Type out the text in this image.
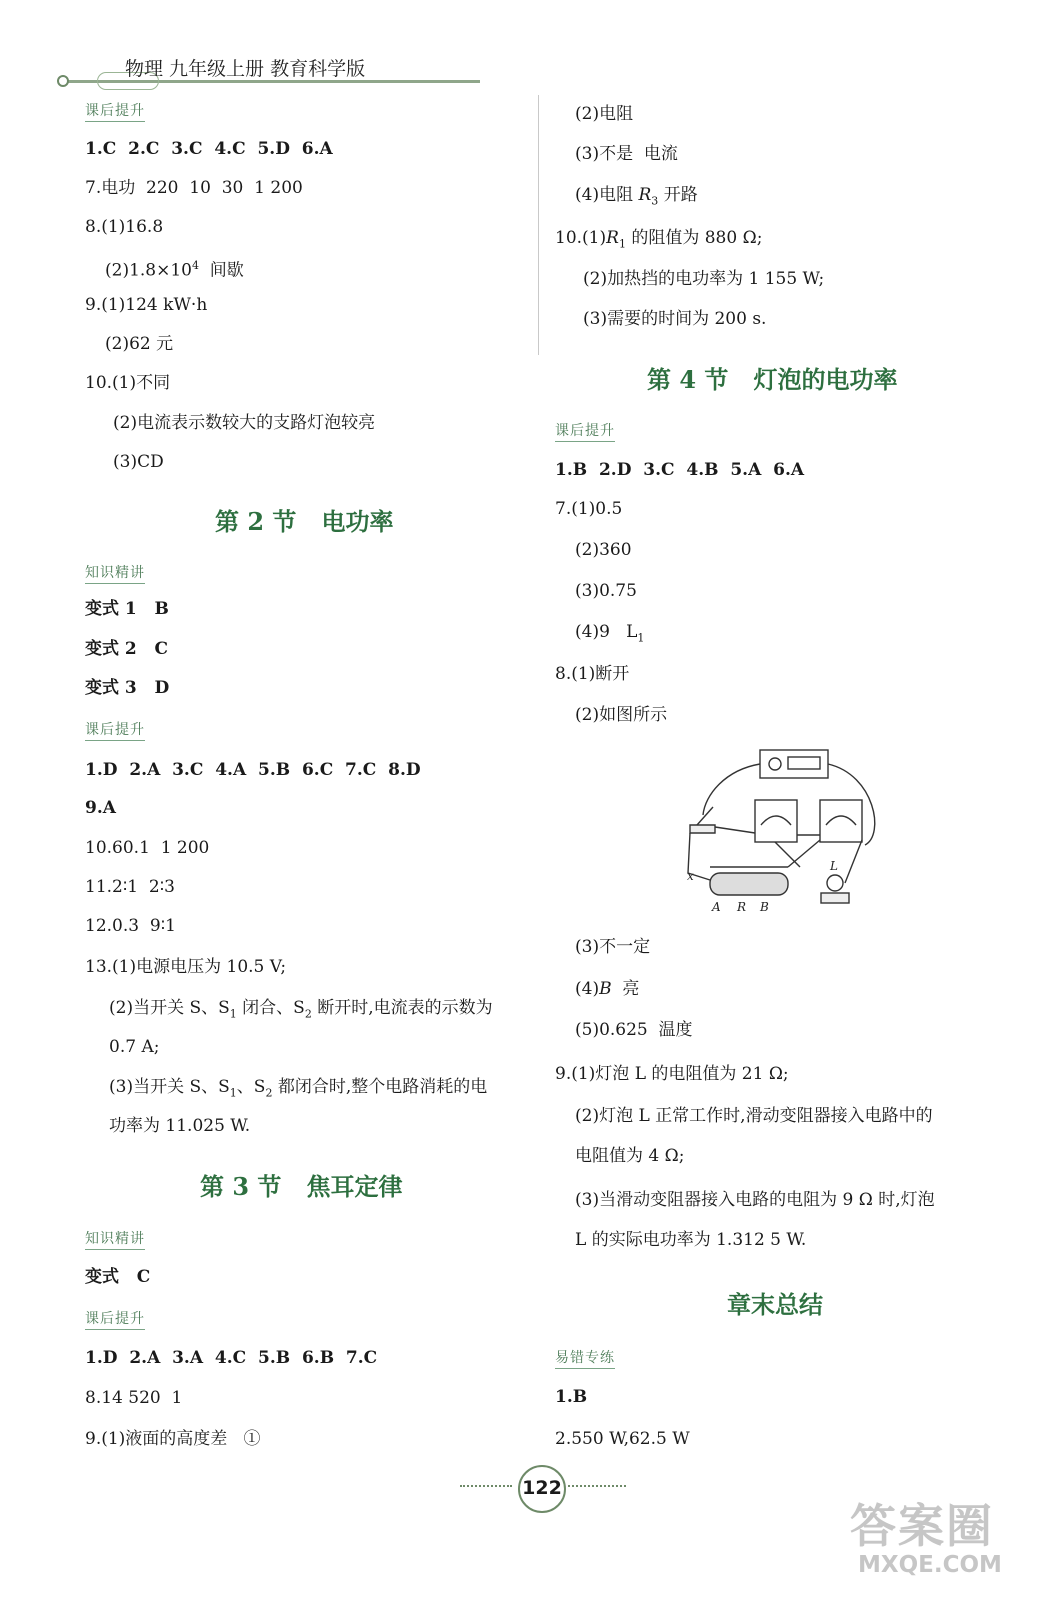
物理 九年级上册 教育科学版
课后提升
1.C  2.C  3.C  4.C  5.D  6.A
7.电功  220  10  30  1 200
8.(1)16.8
$(2)1.8\times 10^4$  间歇
9.(1)124 kW·h
(2)62 元
10.(1)不同
(2)电流表示数较大的支路灯泡较亮
(3)CD
第 2 节   电功率
知识精讲
变式 1   B
变式 2   C
变式 3   D
课后提升
1.D  2.A  3.C  4.A  5.B  6.C  7.C  8.D
9.A
10.60.1  1 200
11.2∶1  2∶3
12.0.3  9∶1
13.(1)电源电压为 10.5 V;
(2)当开关 S、$S_1$ 闭合、$S_2$ 断开时,电流表的示数为
0.7 A;
(3)当开关 S、$S_1$、$S_2$ 都闭合时,整个电路消耗的电
功率为 11.025 W.
第 3 节   焦耳定律
知识精讲
变式   C
课后提升
1.D  2.A  3.A  4.C  5.B  6.B  7.C
8.14 520  1
9.(1)液面的高度差   ①
(2)电阻
(3)不是  电流
(4)电阻 $R_3$ 开路
$10.(1)R_1$ 的阻值为 880 Ω;
(2)加热挡的电功率为 1 155 W;
(3)需要的时间为 200 s.
第 4 节   灯泡的电功率
课后提升
1.B  2.D  3.C  4.B  5.A  6.A
7.(1)0.5
(2)360
(3)0.75
(4)9   $L_1$
8.(1)断开
(2)如图所示
(3)不一定
(4)B  亮
(5)0.625  温度
9.(1)灯泡 L 的电阻值为 21 Ω;
(2)灯泡 L 正常工作时,滑动变阻器接入电路中的
电阻值为 4 Ω;
(3)当滑动变阻器接入电路的电阻为 9 Ω 时,灯泡
L 的实际电功率为 1.312 5 W.
章末总结
易错专练
1.B
2.550 W,62.5 W
A R B
L
x
122
答案圈
MXQE.COM
